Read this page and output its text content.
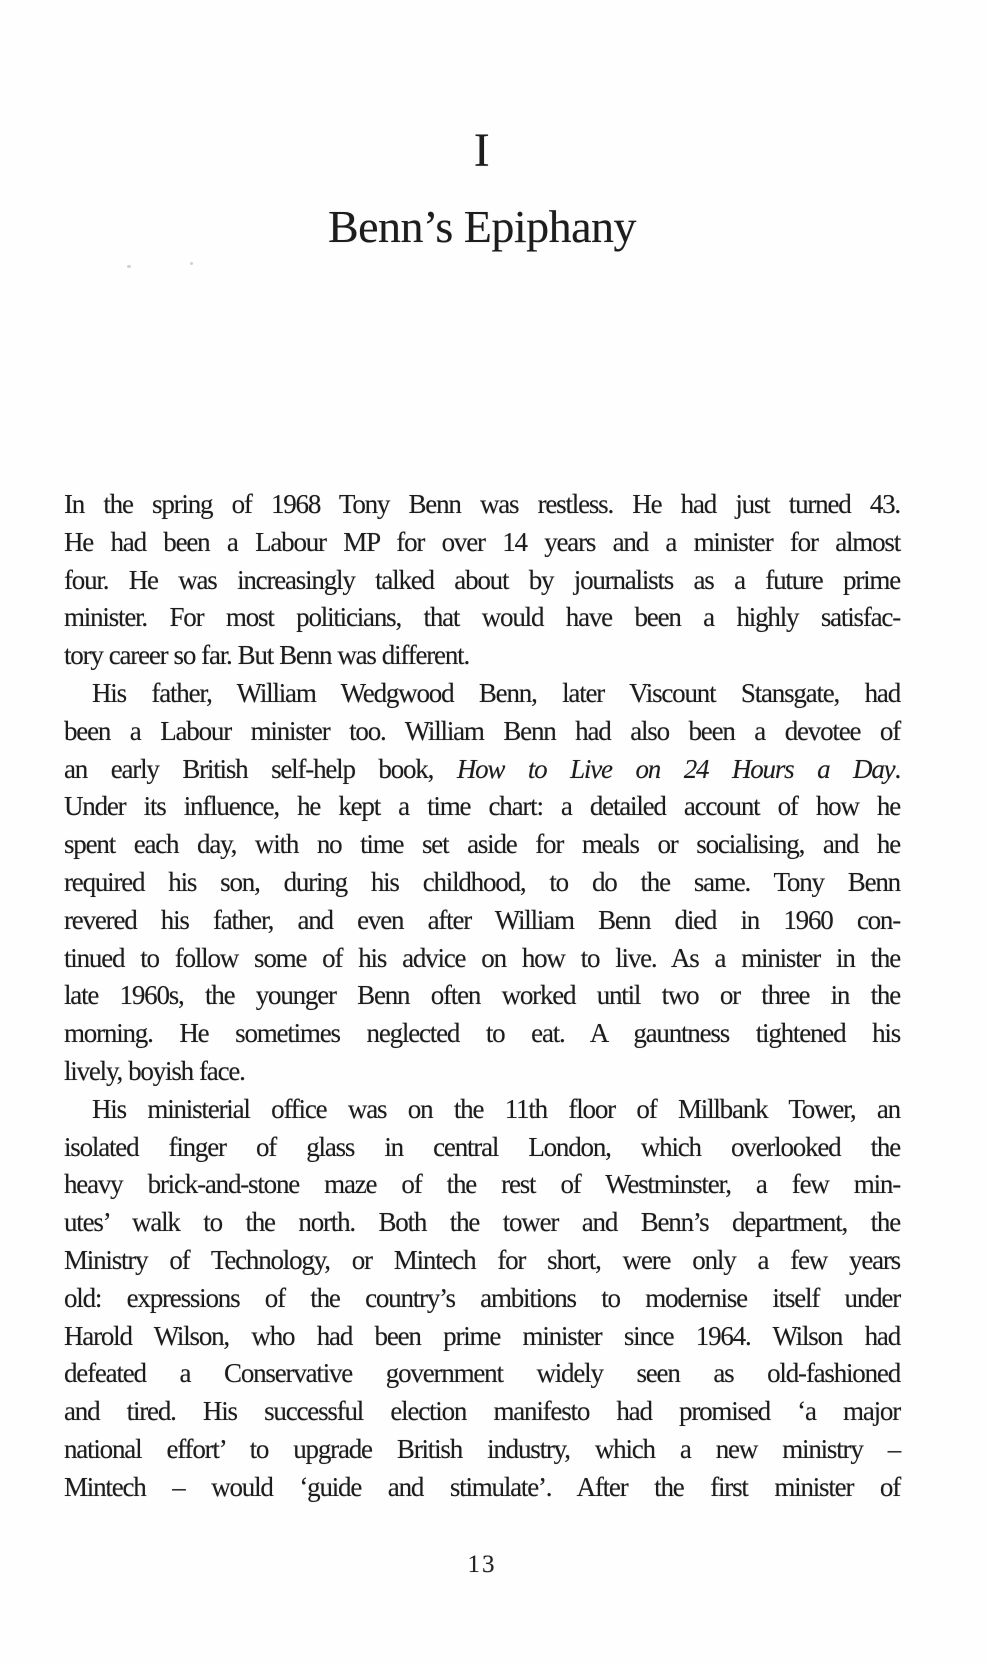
I
Benn’s Epiphany
In the spring of 1968 Tony Benn was restless. He had just turned 43.
He had been a Labour MP for over 14 years and a minister for almost
four. He was increasingly talked about by journalists as a future prime
minister. For most politicians, that would have been a highly satisfac-
tory career so far. But Benn was different.
His father, William Wedgwood Benn, later Viscount Stansgate, had
been a Labour minister too. William Benn had also been a devotee of
an early British self-help book, How to Live on 24 Hours a Day.
Under its influence, he kept a time chart: a detailed account of how he
spent each day, with no time set aside for meals or socialising, and he
required his son, during his childhood, to do the same. Tony Benn
revered his father, and even after William Benn died in 1960 con-
tinued to follow some of his advice on how to live. As a minister in the
late 1960s, the younger Benn often worked until two or three in the
morning. He sometimes neglected to eat. A gauntness tightened his
lively, boyish face.
His ministerial office was on the 11th floor of Millbank Tower, an
isolated finger of glass in central London, which overlooked the
heavy brick-and-stone maze of the rest of Westminster, a few min-
utes’ walk to the north. Both the tower and Benn’s department, the
Ministry of Technology, or Mintech for short, were only a few years
old: expressions of the country’s ambitions to modernise itself under
Harold Wilson, who had been prime minister since 1964. Wilson had
defeated a Conservative government widely seen as old-fashioned
and tired. His successful election manifesto had promised ‘a major
national effort’ to upgrade British industry, which a new ministry –
Mintech – would ‘guide and stimulate’. After the first minister of
13
